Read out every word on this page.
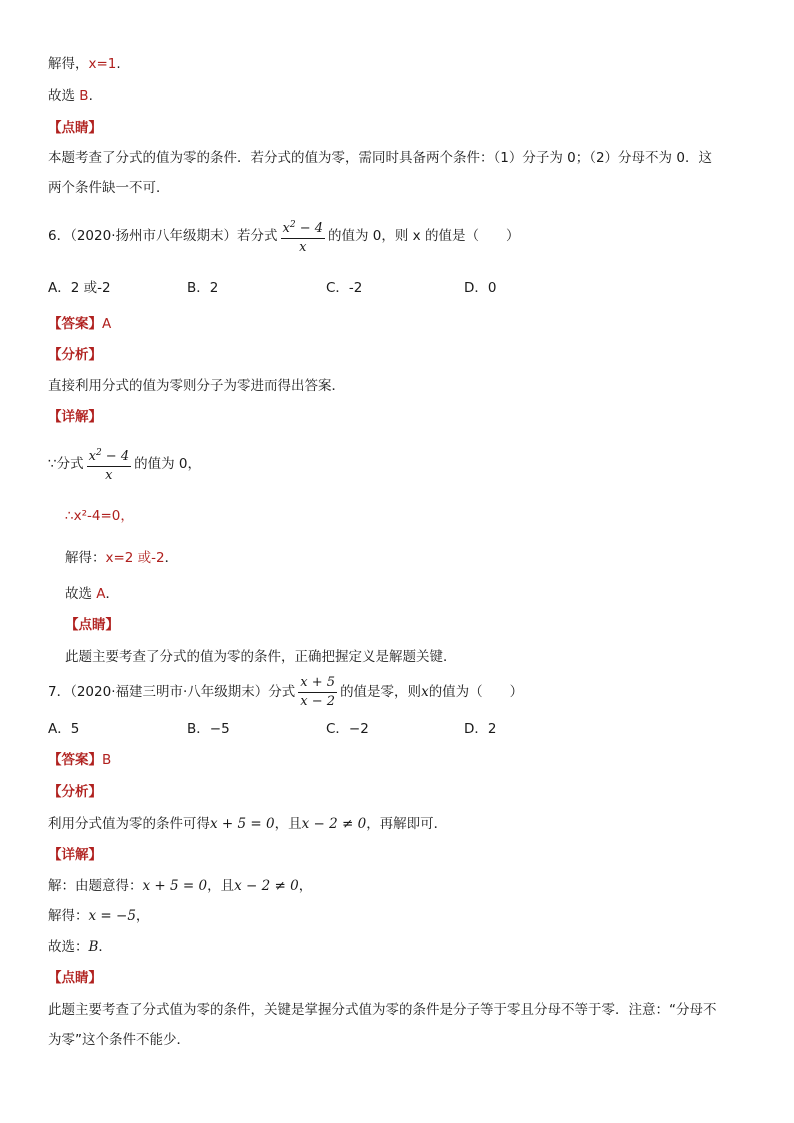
解得，x=1.
故选 B.
【点睛】
本题考查了分式的值为零的条件．若分式的值为零，需同时具备两个条件：（1）分子为 0；（2）分母不为 0．这
两个条件缺一不可．
6．（2020·扬州市八年级期末）若分式 $\frac{x^2 - 4}{x}$ 的值为 0，则 x 的值是（　　）
A．2 或-2	B．2	C．-2	D．0
【答案】A
【分析】
直接利用分式的值为零则分子为零进而得出答案．
【详解】
∵分式 $\frac{x^2 - 4}{x}$ 的值为 0，
∴x²-4=0，
解得：x=2 或-2．
故选 A．
【点睛】
此题主要考查了分式的值为零的条件，正确把握定义是解题关键．
7．（2020·福建三明市·八年级期末）分式 $\frac{x + 5}{x - 2}$ 的值是零，则x的值为（　　）
A．5	B．−5	C．−2	D．2
【答案】B
【分析】
利用分式值为零的条件可得x + 5 = 0，且x − 2 ≠ 0，再解即可．
【详解】
解：由题意得：x + 5 = 0，且x − 2 ≠ 0，
解得：x = −5，
故选：B．
【点睛】
此题主要考查了分式值为零的条件，关键是掌握分式值为零的条件是分子等于零且分母不等于零．注意：“分母不
为零”这个条件不能少．
